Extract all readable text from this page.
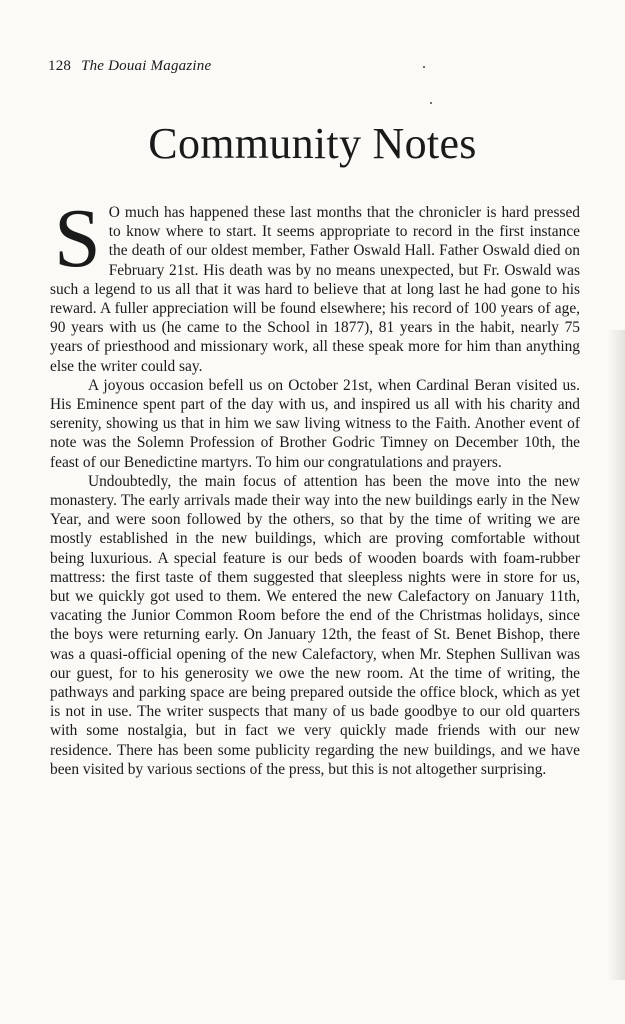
128 The Douai Magazine
Community Notes

S O much has happened these last months that the chronicler is hard pressed to know where to start. It seems appropriate to record in the first instance the death of our oldest member, Father Oswald Hall. Father Oswald died on February 21st. His death was by no means unexpected, but Fr. Oswald was such a legend to us all that it was hard to believe that at long last he had gone to his reward. A fuller appreciation will be found elsewhere; his record of 100 years of age, 90 years with us (he came to the School in 1877), 81 years in the habit, nearly 75 years of priesthood and missionary work, all these speak more for him than anything else the writer could say.

A joyous occasion befell us on October 21st, when Cardinal Beran visited us. His Eminence spent part of the day with us, and inspired us all with his charity and serenity, showing us that in him we saw living witness to the Faith. Another event of note was the Solemn Profession of Brother Godric Timney on December 10th, the feast of our Benedictine martyrs. To him our congratulations and prayers.

Undoubtedly, the main focus of attention has been the move into the new monastery. The early arrivals made their way into the new buildings early in the New Year, and were soon followed by the others, so that by the time of writing we are mostly established in the new buildings, which are proving comfortable without being luxurious. A special feature is our beds of wooden boards with foam-rubber mattress: the first taste of them suggested that sleepless nights were in store for us, but we quickly got used to them. We entered the new Calefactory on January 11th, vacating the Junior Common Room before the end of the Christmas holidays, since the boys were returning early. On January 12th, the feast of St. Benet Bishop, there was a quasi-official opening of the new Calefactory, when Mr. Stephen Sullivan was our guest, for to his generosity we owe the new room. At the time of writing, the pathways and parking space are being prepared outside the office block, which as yet is not in use. The writer suspects that many of us bade goodbye to our old quarters with some nostalgia, but in fact we very quickly made friends with our new residence. There has been some publicity regarding the new buildings, and we have been visited by various sections of the press, but this is not altogether surprising.
